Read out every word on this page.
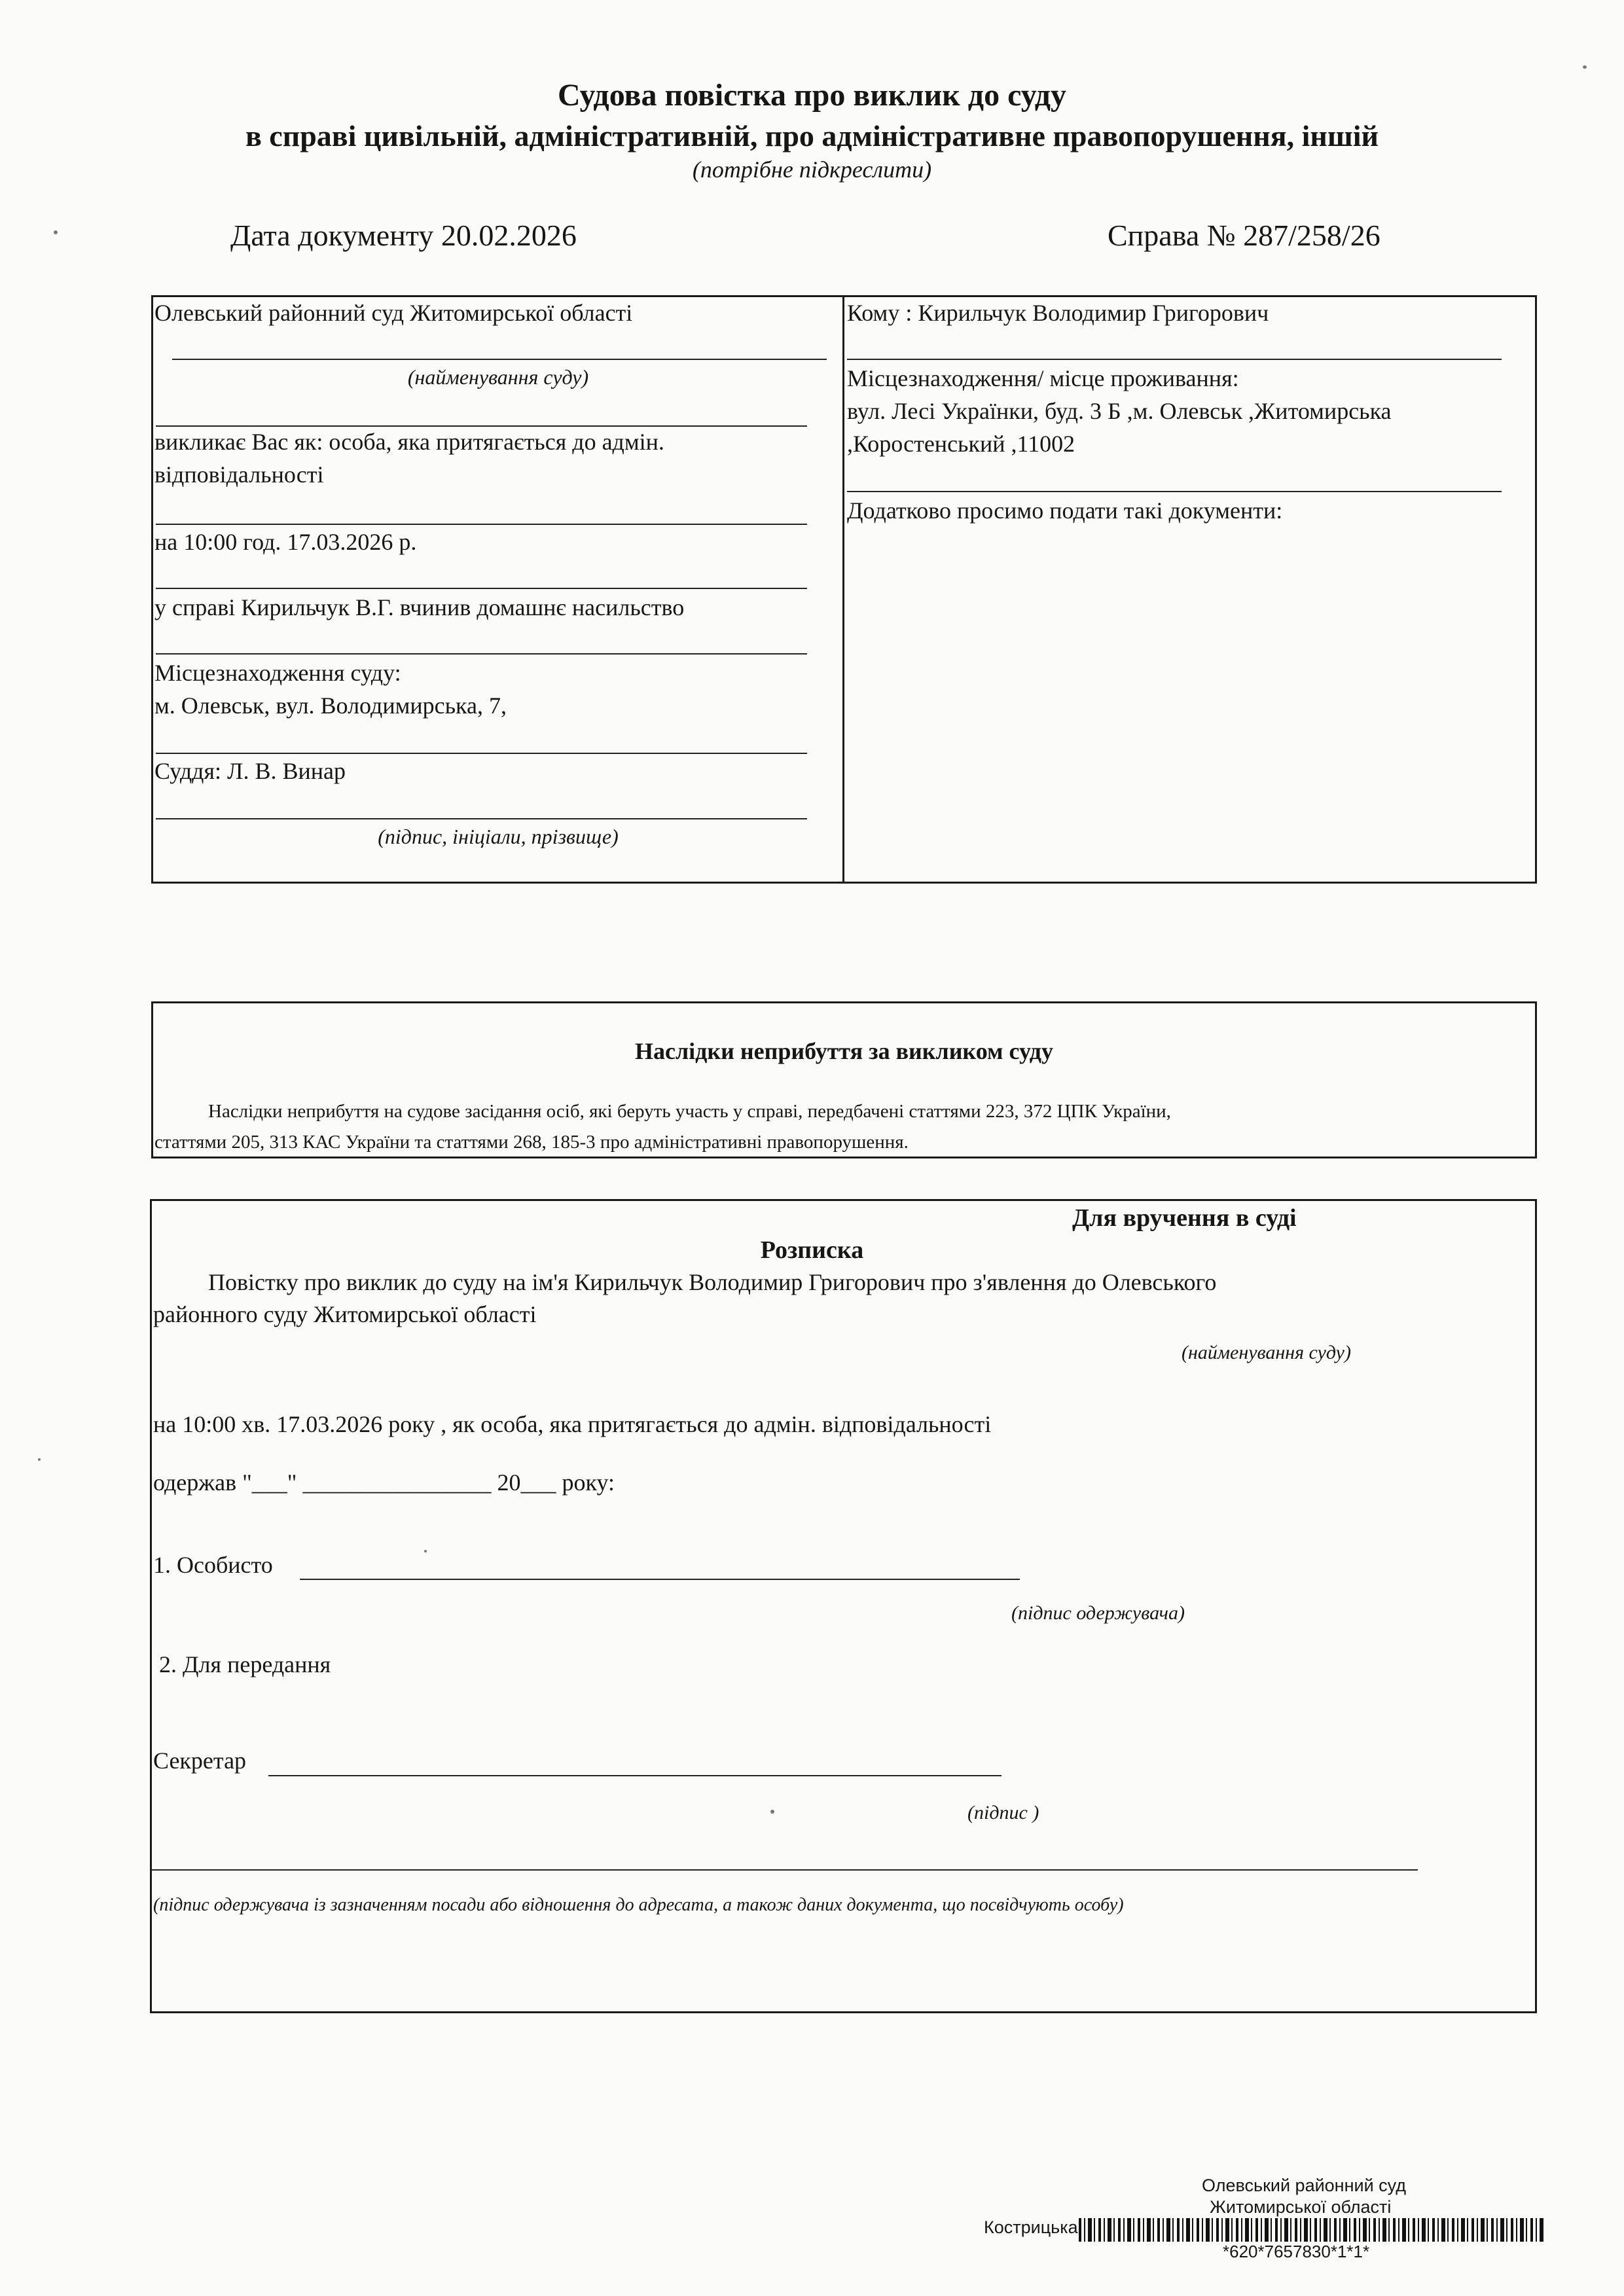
Судова повістка про виклик до суду
в справі цивільній, адміністративній, про адміністративне правопорушення, іншій
(потрібне підкреслити)
Дата документу 20.02.2026	Справа № 287/258/26
Олевський районний суд Житомирської області
(найменування суду)
викликає Вас як: особа, яка притягається до адмін.
відповідальності
на 10:00 год. 17.03.2026 р.
у справі Кирильчук В.Г. вчинив домашнє насильство
Місцезнаходження суду:
м. Олевськ, вул. Володимирська, 7,
Суддя: Л. В. Винар
(підпис, ініціали, прізвище)
Кому : Кирильчук Володимир Григорович
Місцезнаходження/ місце проживання:
вул. Лесі Українки, буд. 3 Б ,м. Олевськ ,Житомирська
,Коростенський ,11002
Додатково просимо подати такі документи:
Наслідки неприбуття за викликом суду
Наслідки неприбуття на судове засідання осіб, які беруть участь у справі, передбачені статтями 223, 372 ЦПК України,
статтями 205, 313 КАС України та статтями 268, 185-3 про адміністративні правопорушення.
Для вручення в суді
Розписка
Повістку про виклик до суду на ім'я Кирильчук Володимир Григорович про з'явлення до Олевського
районного суду Житомирської області
(найменування суду)
на 10:00 хв. 17.03.2026 року , як особа, яка притягається до адмін. відповідальності
одержав "___" ________________ 20___ року:
1. Особисто
(підпис одержувача)
2. Для передання
Секретар
(підпис )
(підпис одержувача із зазначенням посади або відношення до адресата, а також даних документа, що посвідчують особу)
Олевський районний суд
Житомирської області
Кострицька
*620*7657830*1*1*
